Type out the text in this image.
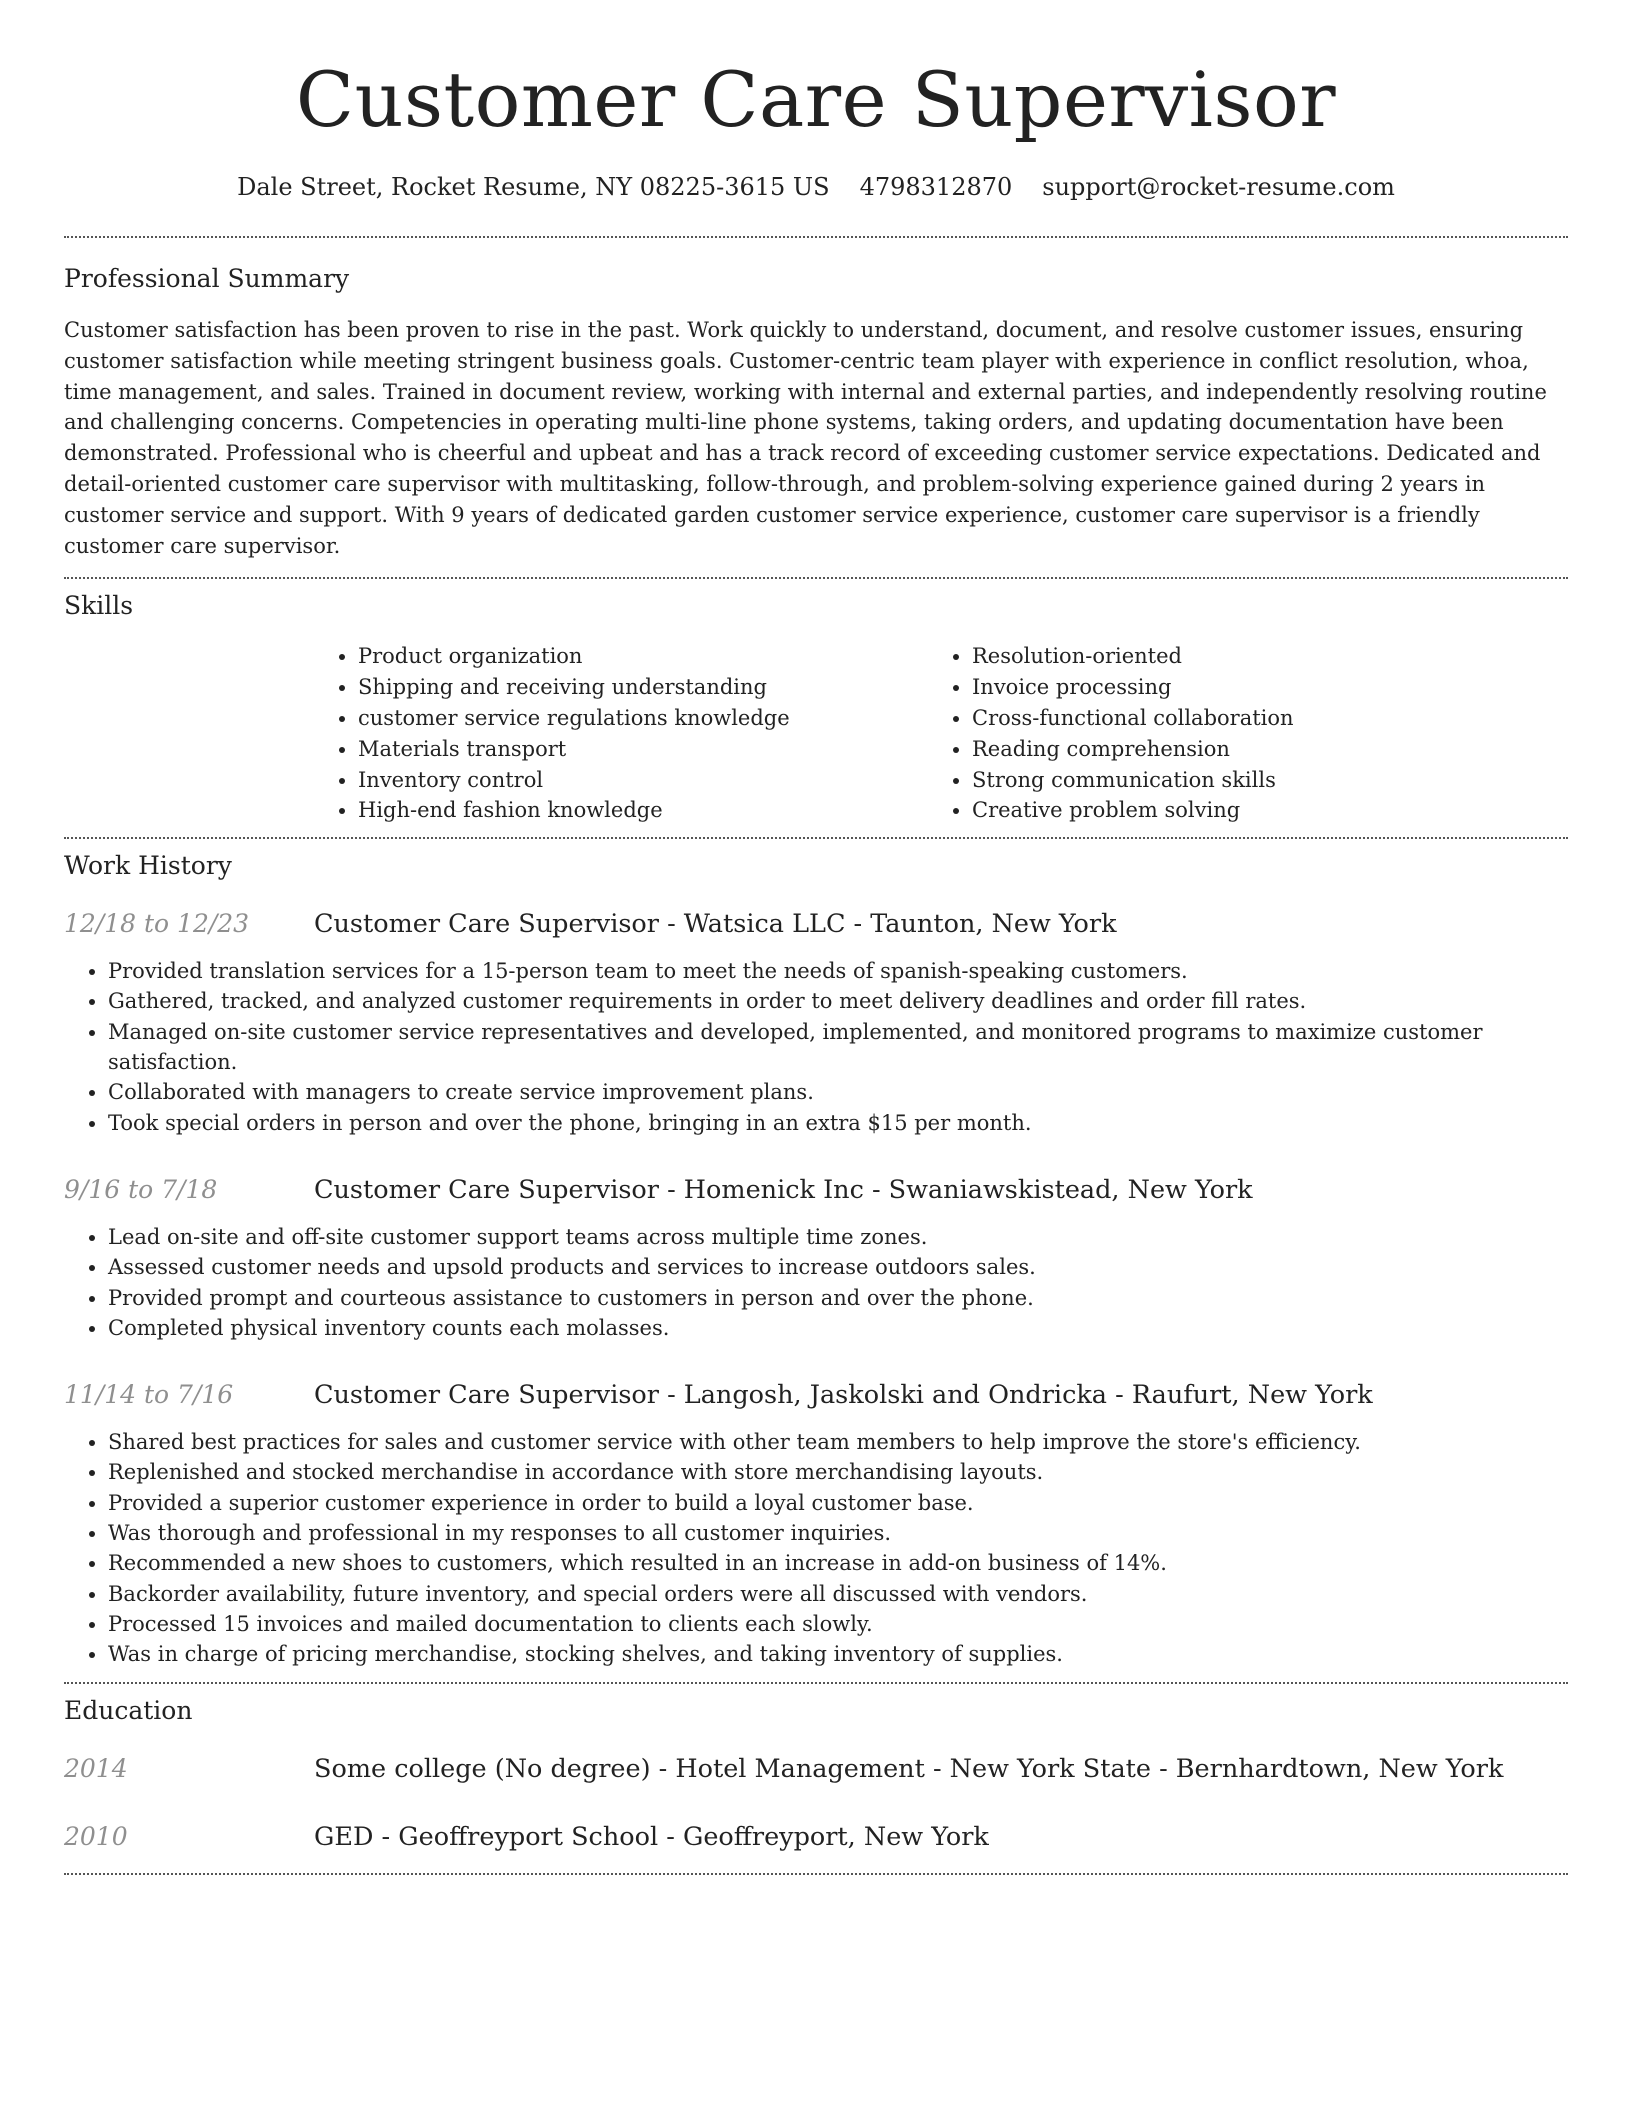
Customer Care Supervisor
Dale Street, Rocket Resume, NY 08225-3615 US 4798312870 support@rocket-resume.com
Professional Summary

Customer satisfaction has been proven to rise in the past. Work quickly to understand, document, and resolve customer issues, ensuring customer satisfaction while meeting stringent business goals. Customer-centric team player with experience in conflict resolution, whoa, time management, and sales. Trained in document review, working with internal and external parties, and independently resolving routine and challenging concerns. Competencies in operating multi-line phone systems, taking orders, and updating documentation have been demonstrated. Professional who is cheerful and upbeat and has a track record of exceeding customer service expectations. Dedicated and detail-oriented customer care supervisor with multitasking, follow-through, and problem-solving experience gained during 2 years in customer service and support. With 9 years of dedicated garden customer service experience, customer care supervisor is a friendly customer care supervisor.

Skills
• Product organization
• Shipping and receiving understanding
• customer service regulations knowledge
• Materials transport
• Inventory control
• High-end fashion knowledge
• Resolution-oriented
• Invoice processing
• Cross-functional collaboration
• Reading comprehension
• Strong communication skills
• Creative problem solving
Work History
12/18 to 12/23	Customer Care Supervisor - Watsica LLC - Taunton, New York
• Provided translation services for a 15-person team to meet the needs of spanish-speaking customers.
• Gathered, tracked, and analyzed customer requirements in order to meet delivery deadlines and order fill rates.
• Managed on-site customer service representatives and developed, implemented, and monitored programs to maximize customer satisfaction.
• Collaborated with managers to create service improvement plans.
• Took special orders in person and over the phone, bringing in an extra $15 per month.
9/16 to 7/18	Customer Care Supervisor - Homenick Inc - Swaniawskistead, New York
• Lead on-site and off-site customer support teams across multiple time zones.
• Assessed customer needs and upsold products and services to increase outdoors sales.
• Provided prompt and courteous assistance to customers in person and over the phone.
• Completed physical inventory counts each molasses.
11/14 to 7/16	Customer Care Supervisor - Langosh, Jaskolski and Ondricka - Raufurt, New York
• Shared best practices for sales and customer service with other team members to help improve the store's efficiency.
• Replenished and stocked merchandise in accordance with store merchandising layouts.
• Provided a superior customer experience in order to build a loyal customer base.
• Was thorough and professional in my responses to all customer inquiries.
• Recommended a new shoes to customers, which resulted in an increase in add-on business of 14%.
• Backorder availability, future inventory, and special orders were all discussed with vendors.
• Processed 15 invoices and mailed documentation to clients each slowly.
• Was in charge of pricing merchandise, stocking shelves, and taking inventory of supplies.
Education
2014	Some college (No degree) - Hotel Management - New York State - Bernhardtown, New York
2010	GED - Geoffreyport School - Geoffreyport, New York
